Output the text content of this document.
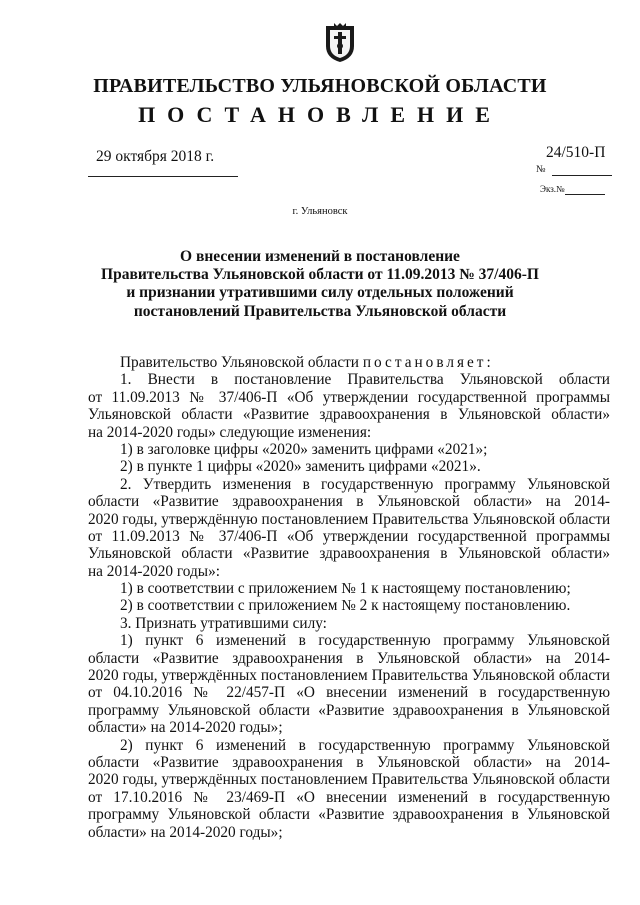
ПРАВИТЕЛЬСТВО УЛЬЯНОВСКОЙ ОБЛАСТИ
ПОСТАНОВЛЕНИЕ
29 октября 2018 г.	24/510-П
№
Экз.№
г. Ульяновск
О внесении изменений в постановление
Правительства Ульяновской области от 11.09.2013 № 37/406-П
и признании утратившими силу отдельных положений
постановлений Правительства Ульяновской области
Правительство Ульяновской области постановляет:
1. Внести в постановление Правительства Ульяновской области
от 11.09.2013 № 37/406-П «Об утверждении государственной программы
Ульяновской области «Развитие здравоохранения в Ульяновской области»
на 2014-2020 годы» следующие изменения:
1) в заголовке цифры «2020» заменить цифрами «2021»;
2) в пункте 1 цифры «2020» заменить цифрами «2021».
2. Утвердить изменения в государственную программу Ульяновской
области «Развитие здравоохранения в Ульяновской области» на 2014-
2020 годы, утверждённую постановлением Правительства Ульяновской области
от 11.09.2013 № 37/406-П «Об утверждении государственной программы
Ульяновской области «Развитие здравоохранения в Ульяновской области»
на 2014-2020 годы»:
1) в соответствии с приложением № 1 к настоящему постановлению;
2) в соответствии с приложением № 2 к настоящему постановлению.
3. Признать утратившими силу:
1) пункт 6 изменений в государственную программу Ульяновской
области «Развитие здравоохранения в Ульяновской области» на 2014-
2020 годы, утверждённых постановлением Правительства Ульяновской области
от 04.10.2016 № 22/457-П «О внесении изменений в государственную
программу Ульяновской области «Развитие здравоохранения в Ульяновской
области» на 2014-2020 годы»;
2) пункт 6 изменений в государственную программу Ульяновской
области «Развитие здравоохранения в Ульяновской области» на 2014-
2020 годы, утверждённых постановлением Правительства Ульяновской области
от 17.10.2016 № 23/469-П «О внесении изменений в государственную
программу Ульяновской области «Развитие здравоохранения в Ульяновской
области» на 2014-2020 годы»;
